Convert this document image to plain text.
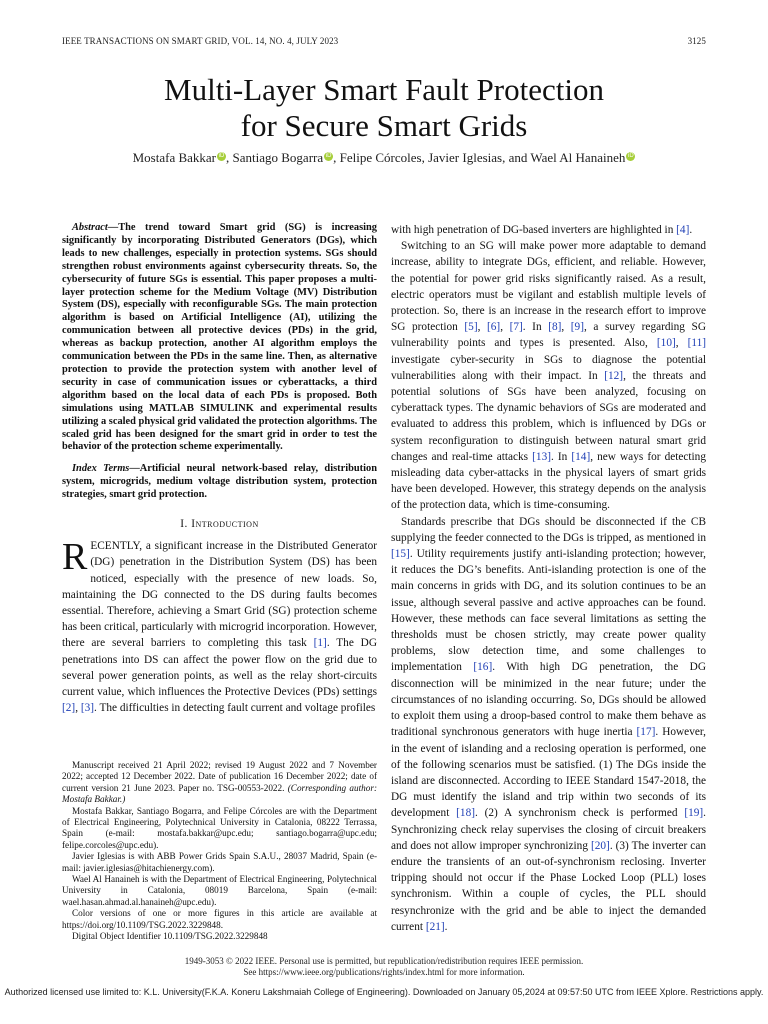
IEEE TRANSACTIONS ON SMART GRID, VOL. 14, NO. 4, JULY 2023	3125
Multi-Layer Smart Fault Protection
for Secure Smart Grids
Mostafa Bakkar iD , Santiago Bogarra iD , Felipe Córcoles, Javier Iglesias, and Wael Al Hanaineh iD

Abstract—The trend toward Smart grid (SG) is increasing significantly by incorporating Distributed Generators (DGs), which leads to new challenges, especially in protection systems. SGs should strengthen robust environments against cybersecurity threats. So, the cybersecurity of future SGs is essential. This paper proposes a multi-layer protection scheme for the Medium Voltage (MV) Distribution System (DS), especially with reconfigurable SGs. The main protection algorithm is based on Artificial Intelligence (AI), utilizing the communication between all protective devices (PDs) in the grid, whereas as backup protection, another AI algorithm employs the communication between the PDs in the same line. Then, as alternative protection to provide the protection system with another level of security in case of communication issues or cyberattacks, a third algorithm based on the local data of each PDs is proposed. Both simulations using MATLAB SIMULINK and experimental results utilizing a scaled physical grid validated the protection algorithms. The scaled grid has been designed for the smart grid in order to test the behavior of the protection scheme experimentally.

Index Terms—Artificial neural network-based relay, distribution system, microgrids, medium voltage distribution system, protection strategies, smart grid protection.

I. Introduction

RECENTLY, a significant increase in the Distributed Generator (DG) penetration in the Distribution System (DS) has been noticed, especially with the presence of new loads. So, maintaining the DG connected to the DS during faults becomes essential. Therefore, achieving a Smart Grid (SG) protection scheme has been critical, particularly with microgrid incorporation. However, there are several barriers to completing this task [1]. The DG penetrations into DS can affect the power flow on the grid due to several power generation points, as well as the relay short-circuits current value, which influences the Protective Devices (PDs) settings [2], [3]. The difficulties in detecting fault current and voltage profiles

Manuscript received 21 April 2022; revised 19 August 2022 and 7 November 2022; accepted 12 December 2022. Date of publication 16 December 2022; date of current version 21 June 2023. Paper no. TSG-00553-2022. (Corresponding author: Mostafa Bakkar.)

Mostafa Bakkar, Santiago Bogarra, and Felipe Córcoles are with the Department of Electrical Engineering, Polytechnical University in Catalonia, 08222 Terrassa, Spain (e-mail: mostafa.bakkar@upc.edu; santiago.bogarra@upc.edu; felipe.corcoles@upc.edu).

Javier Iglesias is with ABB Power Grids Spain S.A.U., 28037 Madrid, Spain (e-mail: javier.iglesias@hitachienergy.com).

Wael Al Hanaineh is with the Department of Electrical Engineering, Polytechnical University in Catalonia, 08019 Barcelona, Spain (e-mail: wael.hasan.ahmad.al.hanaineh@upc.edu).

Color versions of one or more figures in this article are available at https://doi.org/10.1109/TSG.2022.3229848.

Digital Object Identifier 10.1109/TSG.2022.3229848

with high penetration of DG-based inverters are highlighted in [4].

Switching to an SG will make power more adaptable to demand increase, ability to integrate DGs, efficient, and reliable. However, the potential for power grid risks significantly raised. As a result, electric operators must be vigilant and establish multiple levels of protection. So, there is an increase in the research effort to improve SG protection [5], [6], [7]. In [8], [9], a survey regarding SG vulnerability points and types is presented. Also, [10], [11] investigate cyber-security in SGs to diagnose the potential vulnerabilities along with their impact. In [12], the threats and potential solutions of SGs have been analyzed, focusing on cyberattack types. The dynamic behaviors of SGs are moderated and evaluated to address this problem, which is influenced by DGs or system reconfiguration to distinguish between natural smart grid changes and real-time attacks [13]. In [14], new ways for detecting misleading data cyber-attacks in the physical layers of smart grids have been developed. However, this strategy depends on the analysis of the protection data, which is time-consuming.

Standards prescribe that DGs should be disconnected if the CB supplying the feeder connected to the DGs is tripped, as mentioned in [15]. Utility requirements justify anti-islanding protection; however, it reduces the DG’s benefits. Anti-islanding protection is one of the main concerns in grids with DG, and its solution continues to be an issue, although several passive and active approaches can be found. However, these methods can face several limitations as setting the thresholds must be chosen strictly, may create power quality problems, slow detection time, and some challenges to implementation [16]. With high DG penetration, the DG disconnection will be minimized in the near future; under the circumstances of no islanding occurring. So, DGs should be allowed to exploit them using a droop-based control to make them behave as traditional synchronous generators with huge inertia [17]. However, in the event of islanding and a reclosing operation is performed, one of the following scenarios must be satisfied. (1) The DGs inside the island are disconnected. According to IEEE Standard 1547-2018, the DG must identify the island and trip within two seconds of its development [18]. (2) A synchronism check is performed [19]. Synchronizing check relay supervises the closing of circuit breakers and does not allow improper synchronizing [20]. (3) The inverter can endure the transients of an out-of-synchronism reclosing. Inverter tripping should not occur if the Phase Locked Loop (PLL) loses synchronism. Within a couple of cycles, the PLL should resynchronize with the grid and be able to inject the demanded current [21].

1949-3053 © 2022 IEEE. Personal use is permitted, but republication/redistribution requires IEEE permission.
See https://www.ieee.org/publications/rights/index.html for more information.
Authorized licensed use limited to: K.L. University(F.K.A. Koneru Lakshmaiah College of Engineering). Downloaded on January 05,2024 at 09:57:50 UTC from IEEE Xplore. Restrictions apply.
